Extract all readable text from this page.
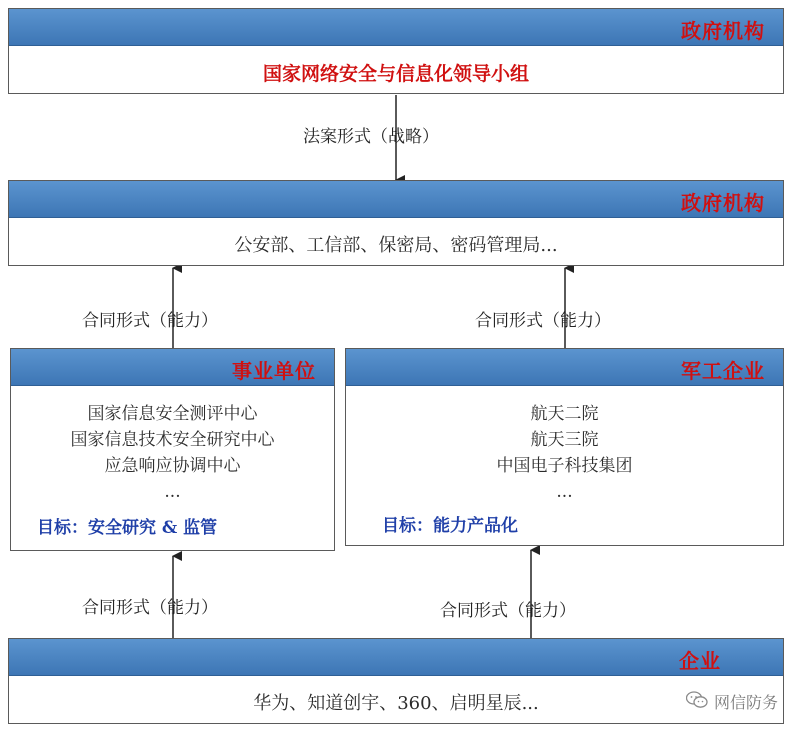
政府机构
国家网络安全与信息化领导小组
法案形式（战略）
政府机构
公安部、工信部、保密局、密码管理局...
合同形式（能力）	合同形式（能力）
事业单位
国家信息安全测评中心
国家信息技术安全研究中心
应急响应协调中心
...
目标：安全研究 & 监管
军工企业
航天二院
航天三院
中国电子科技集团
...
目标：能力产品化
合同形式（能力）	合同形式（能力）
企业
华为、知道创宇、360、启明星辰...	网信防务
